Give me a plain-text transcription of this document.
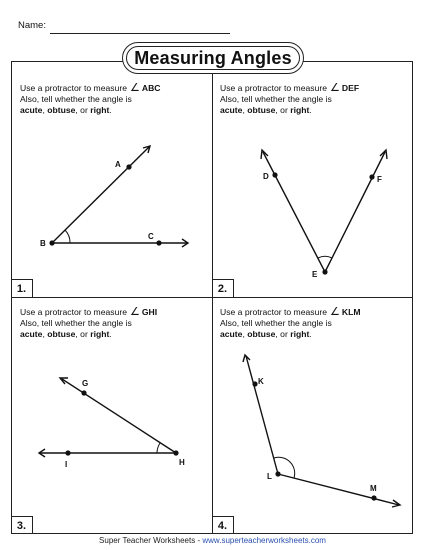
Name:
Measuring Angles
Use a protractor to measure ∠ ABC
Also, tell whether the angle is
acute, obtuse, or right.
A
B
C
1.
Use a protractor to measure ∠ DEF
Also, tell whether the angle is
acute, obtuse, or right.
D
E
F
2.
Use a protractor to measure ∠ GHI
Also, tell whether the angle is
acute, obtuse, or right.
G
H
I
3.
Use a protractor to measure ∠ KLM
Also, tell whether the angle is
acute, obtuse, or right.
K
L
M
4.
Super Teacher Worksheets - www.superteacherworksheets.com
